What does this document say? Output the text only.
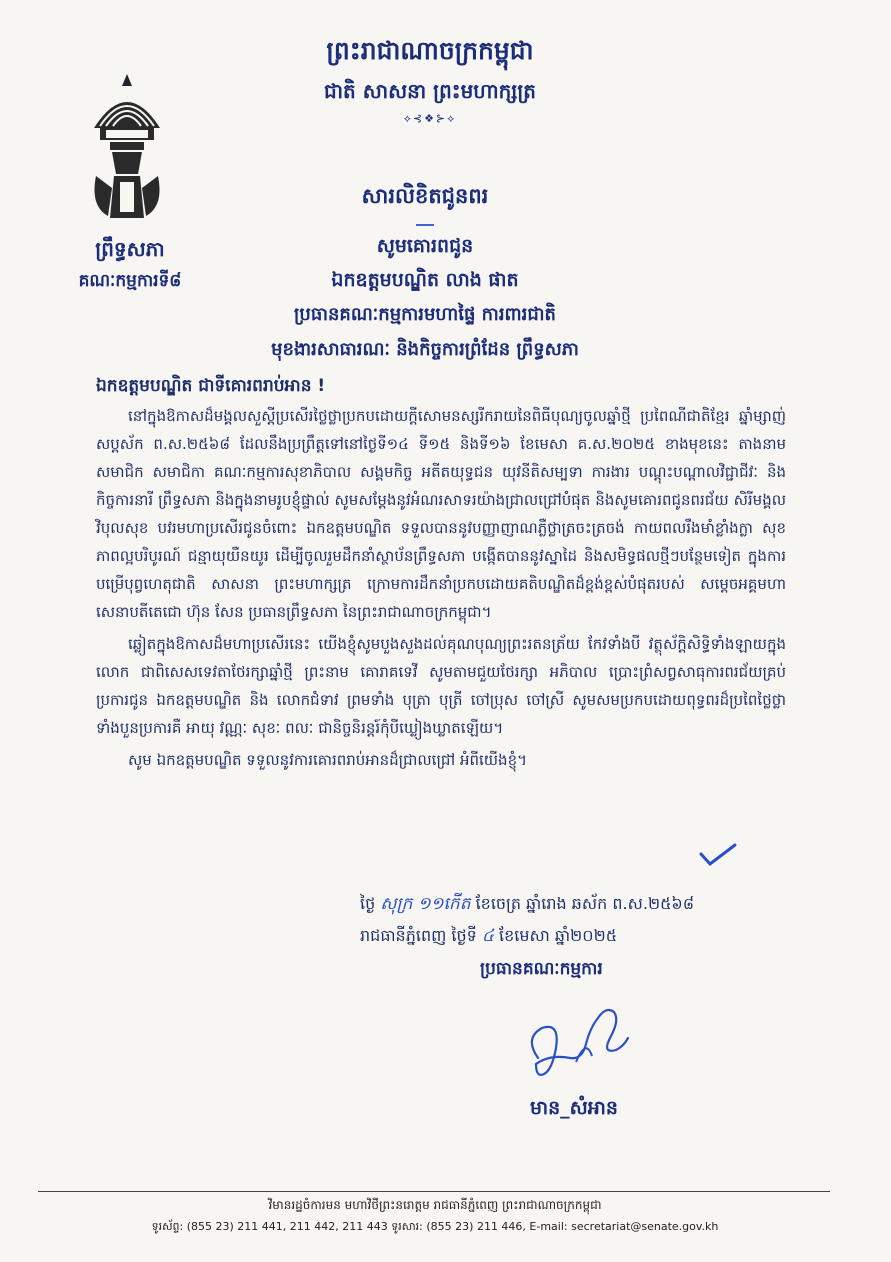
ព្រឹទ្ធសភា
គណៈកម្មការទី៨
ព្រះរាជាណាចក្រកម្ពុជា
ជាតិ សាសនា ព្រះមហាក្សត្រ
⟡⊰❖⊱⟡
សារលិខិតជូនពរ
សូមគោរពជូន
ឯកឧត្តមបណ្ឌិត លាង ផាត
ប្រធានគណៈកម្មការមហាផ្ទៃ ការពារជាតិ
មុខងារសាធារណៈ និងកិច្ចការព្រំដែន ព្រឹទ្ធសភា
ឯកឧត្តមបណ្ឌិត ជាទីគោរពរាប់អាន !

នៅក្នុងឱកាសដ៏មង្គលសួស្តីប្រសើរថ្លៃថ្លាប្រកបដោយក្តីសោមនស្សរីករាយនៃពិធីបុណ្យចូលឆ្នាំថ្មី ប្រពៃណីជាតិខ្មែរ ឆ្នាំម្សាញ់ សប្តស័ក ព.ស.២៥៦៨ ដែលនឹងប្រព្រឹត្តទៅនៅថ្ងៃទី១៤ ទី១៥ និងទី១៦ ខែមេសា គ.ស.២០២៥ ខាងមុខនេះ តាងនាមសមាជិក សមាជិកា គណៈកម្មការសុខាភិបាល សង្គមកិច្ច អតីតយុទ្ធជន យុវនីតិសម្បទា ការងារ បណ្តុះបណ្តាលវិជ្ជាជីវៈ និងកិច្ចការនារី ព្រឹទ្ធសភា និងក្នុងនាមរូបខ្ញុំផ្ទាល់ សូមសម្តែងនូវអំណរសាទរយ៉ាងជ្រាលជ្រៅបំផុត និងសូមគោរពជូនពរជ័យ សិរីមង្គល វិបុលសុខ បវរមហាប្រសើរជូនចំពោះ ឯកឧត្តមបណ្ឌិត ទទួលបាននូវបញ្ញាញាណភ្លឺថ្លាត្រចះត្រចង់ កាយពលរឹងមាំខ្លាំងក្លា សុខភាពល្អបរិបូរណ៍ ជន្មាយុយឺនយូរ ដើម្បីចូលរួមដឹកនាំស្ថាប័នព្រឹទ្ធសភា បង្កើតបាននូវស្នាដៃ និងសមិទ្ធផលថ្មីៗបន្ថែមទៀត ក្នុងការបម្រើបុព្វហេតុជាតិ សាសនា ព្រះមហាក្សត្រ ក្រោមការដឹកនាំប្រកបដោយគតិបណ្ឌិតដ៏ខ្ពង់ខ្ពស់បំផុតរបស់ សម្តេចអគ្គមហាសេនាបតីតេជោ ហ៊ុន សែន ប្រធានព្រឹទ្ធសភា នៃព្រះរាជាណាចក្រកម្ពុជា។

ឆ្លៀតក្នុងឱកាសដ៏មហាប្រសើរនេះ យើងខ្ញុំសូមបួងសួងដល់គុណបុណ្យព្រះរតនត្រ័យ កែវទាំងបី វត្ថុស័ក្តិសិទ្ធិទាំងឡាយក្នុងលោក ជាពិសេសទេវតាថែរក្សាឆ្នាំថ្មី ព្រះនាម គោរាគទេវី សូមតាមជួយថែរក្សា អភិបាល ប្រោះព្រំសព្វសាធុការពរជ័យគ្រប់ប្រការជូន ឯកឧត្តមបណ្ឌិត និង លោកជំទាវ ព្រមទាំង បុត្រា បុត្រី ចៅប្រុស ចៅស្រី សូមសមប្រកបដោយពុទ្ធពរដ៏ប្រពៃថ្លៃថ្លាទាំងបួនប្រការគឺ អាយុ វណ្ណៈ សុខៈ ពលៈ ជានិច្ចនិរន្តរ៍កុំបីឃ្លៀងឃ្លាតឡើយ។

សូម ឯកឧត្តមបណ្ឌិត ទទួលនូវការគោរពរាប់អានដ៏ជ្រាលជ្រៅ អំពីយើងខ្ញុំ។

ថ្ងៃ សុក្រ ១១កើត ខែចេត្រ ឆ្នាំរោង ឆស័ក ព.ស.២៥៦៨
រាជធានីភ្នំពេញ ថ្ងៃទី ៤ ខែមេសា ឆ្នាំ២០២៥
ប្រធានគណៈកម្មការ
មាន_សំអាន
វិមានរដ្ឋចំការមន មហាវិថីព្រះនរោត្តម រាជធានីភ្នំពេញ ព្រះរាជាណាចក្រកម្ពុជា
ទូរស័ព្ទ: (855 23) 211 441, 211 442, 211 443 ទូរសារ: (855 23) 211 446, E-mail: secretariat@senate.gov.kh
